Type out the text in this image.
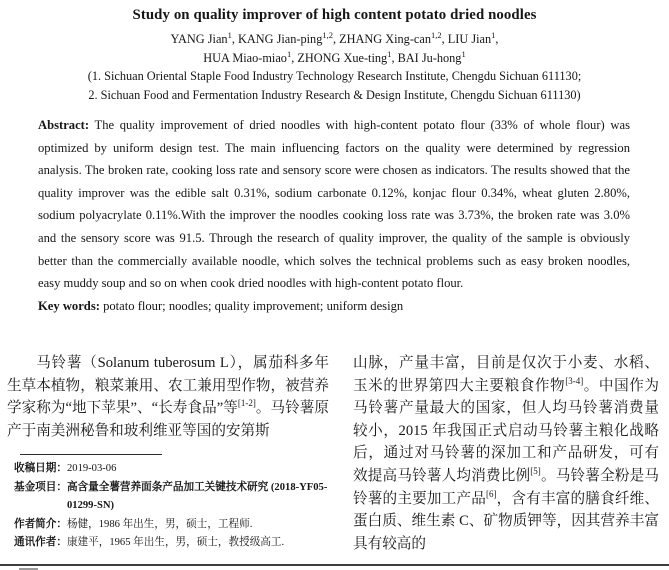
Study on quality improver of high content potato dried noodles
YANG Jian$^1$, KANG Jian-ping$^{1,2}$, ZHANG Xing-can$^{1,2}$, LIU Jian$^1$,
HUA Miao-miao$^1$, ZHONG Xue-ting$^1$, BAI Ju-hong$^1$
(1. Sichuan Oriental Staple Food Industry Technology Research Institute, Chengdu Sichuan 611130;
2. Sichuan Food and Fermentation Industry Research & Design Institute, Chengdu Sichuan 611130)

Abstract: The quality improvement of dried noodles with high-content potato flour (33% of whole flour) was optimized by uniform design test. The main influencing factors on the quality were determined by regression analysis. The broken rate, cooking loss rate and sensory score were chosen as indicators. The results showed that the quality improver was the edible salt 0.31%, sodium carbonate 0.12%, konjac flour 0.34%, wheat gluten 2.80%, sodium polyacrylate 0.11%.With the improver the noodles cooking loss rate was 3.73%, the broken rate was 3.0% and the sensory score was 91.5. Through the research of quality improver, the quality of the sample is obviously better than the commercially available noodle, which solves the technical problems such as easy broken noodles, easy muddy soup and so on when cook dried noodles with high-content potato flour.

Key words: potato flour; noodles; quality improvement; uniform design

马铃薯（Solanum tuberosum L），属茄科多年生草本植物，粮菜兼用、农工兼用型作物，被营养学家称为“地下苹果”、“长寿食品”等[1-2]。马铃薯原产于南美洲秘鲁和玻利维亚等国的安第斯

山脉，产量丰富，目前是仅次于小麦、水稻、玉米的世界第四大主要粮食作物[3-4]。中国作为马铃薯产量最大的国家，但人均马铃薯消费量较小，2015 年我国正式启动马铃薯主粮化战略后，通过对马铃薯的深加工和产品研发，可有效提高马铃薯人均消费比例[5]。马铃薯全粉是马铃薯的主要加工产品[6]，含有丰富的膳食纤维、蛋白质、维生素 C、矿物质钾等，因其营养丰富具有较高的

收稿日期： 2019-03-06
基金项目： 高含量全薯营养面条产品加工关键技术研究 (2018-YF05-01299-SN)
作者简介： 杨健，1986 年出生，男，硕士，工程师.
通讯作者： 康建平，1965 年出生，男，硕士，教授级高工.
